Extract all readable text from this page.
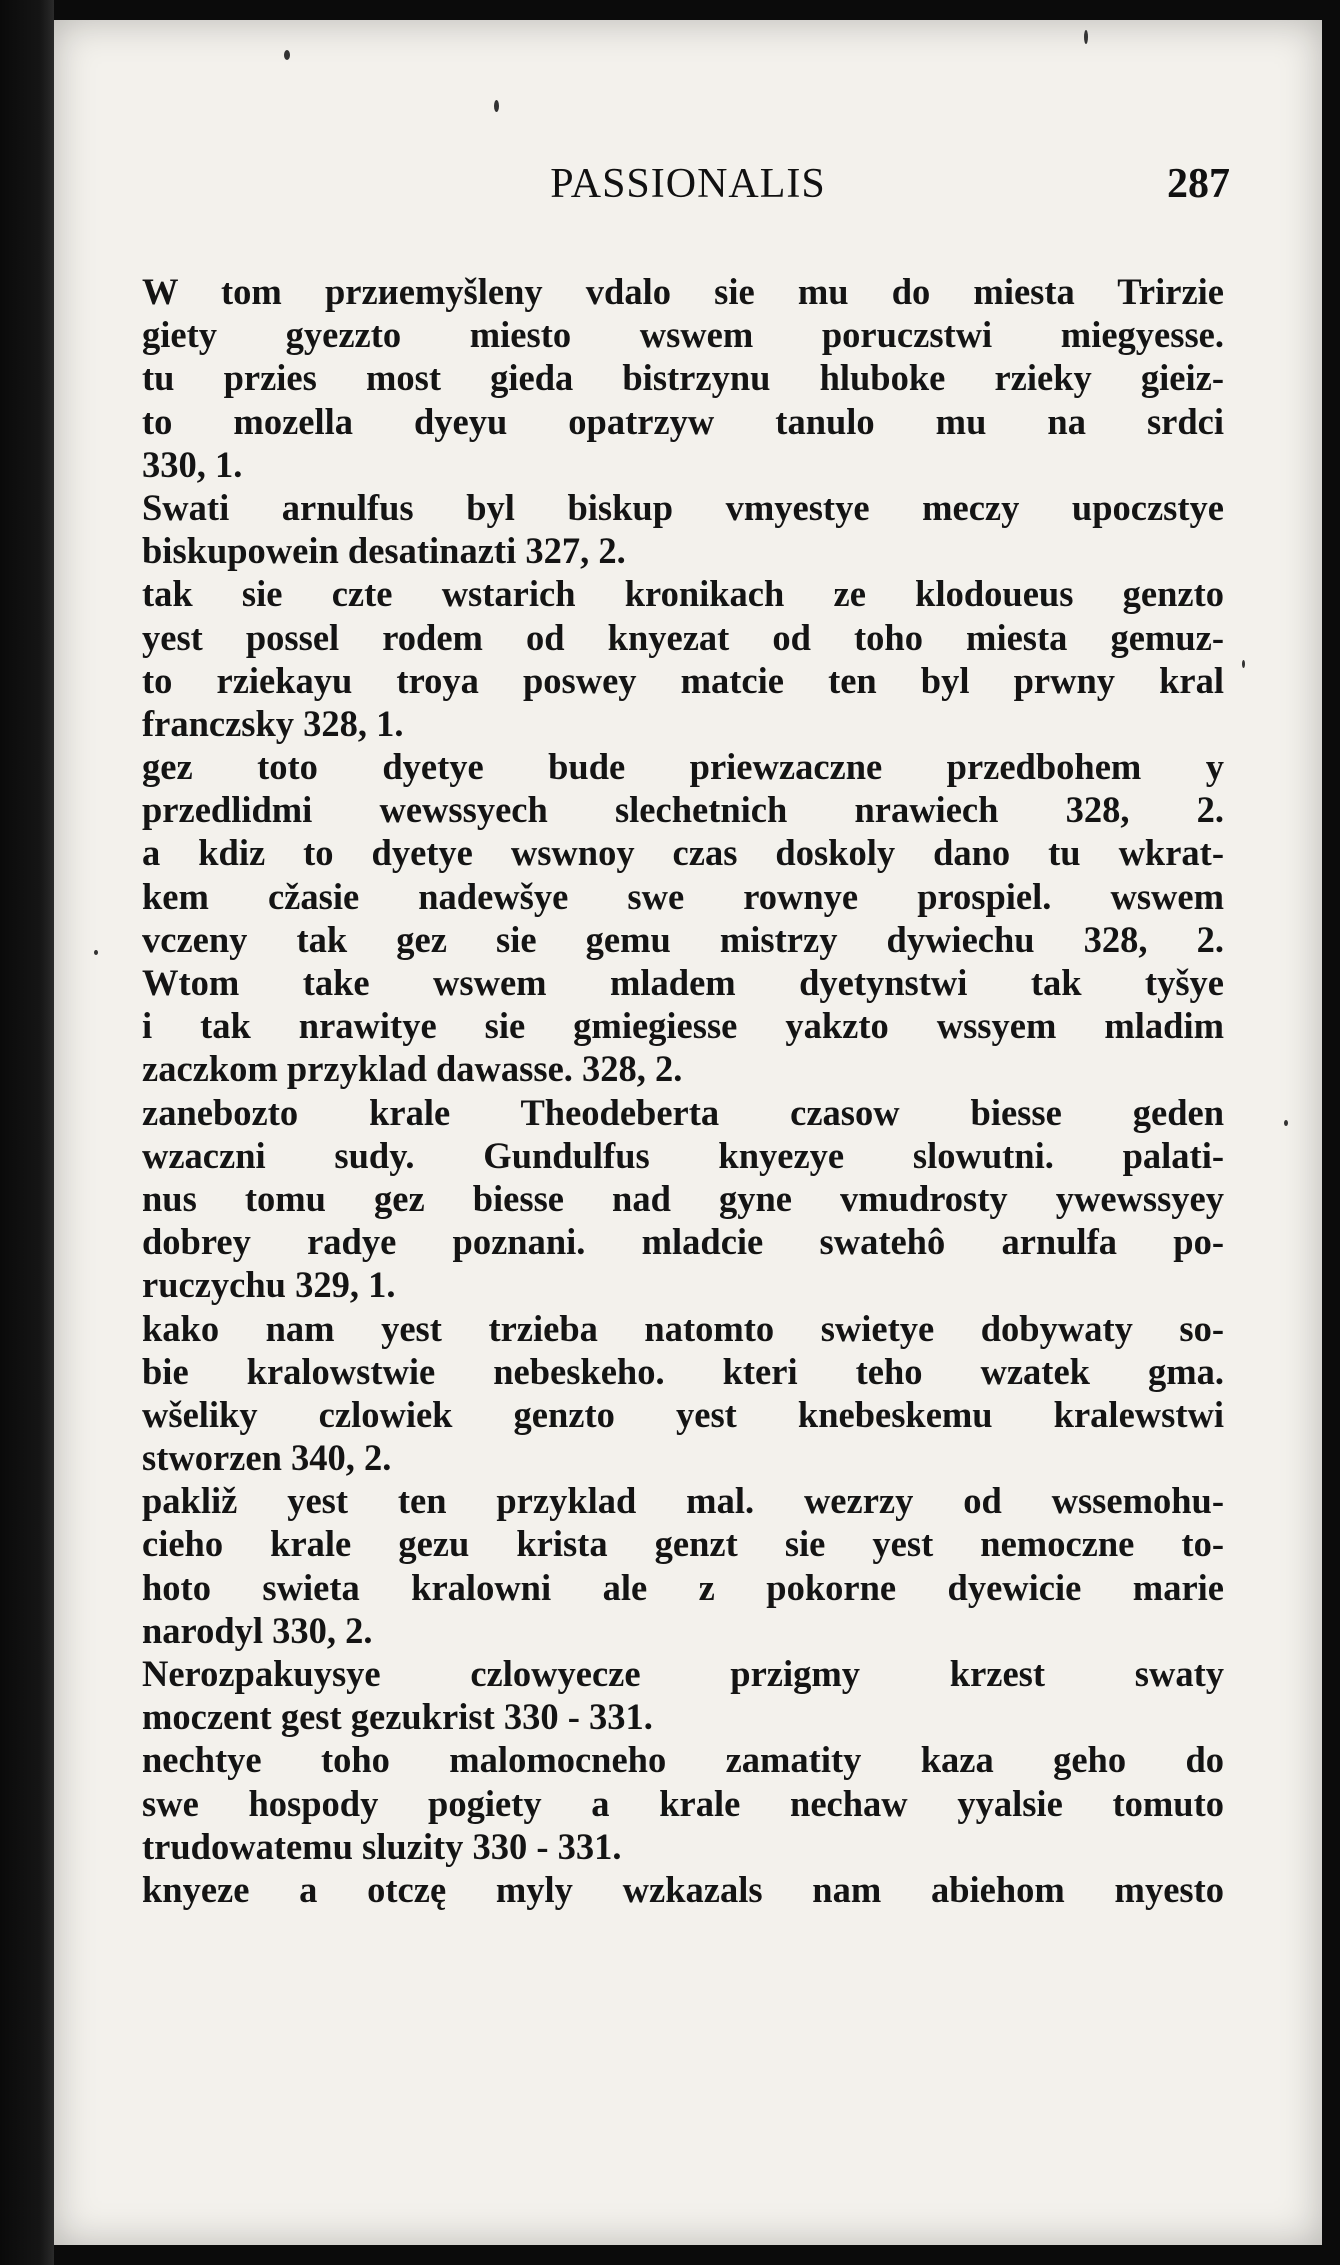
PASSIONALIS	287
W tom przиemyšleny vdalo sie mu do miesta Trirzie
giety gyezzto miesto wswem poruczstwi miegyesse.
tu przies most gieda bistrzynu hluboke rzieky gieiz-
to mozella dyeyu opatrzyw tanulo mu na srdci
330, 1.
Swati arnulfus byl biskup vmyestye meczy upoczstye
biskupowein desatinazti 327, 2.
tak sie czte wstarich kronikach ze klodoueus genzto
yest possel rodem od knyezat od toho miesta gemuz-
to rziekayu troya poswey matcie ten byl prwny kral
franczsky 328, 1.
gez toto dyetye bude priewzaczne przedbohem y
przedlidmi wewssyech slechetnich nrawiech 328, 2.
a kdiz to dyetye wswnoy czas doskoly dano tu wkrat-
kem cžasie nadewšye swe rownye prospiel. wswem
vczeny tak gez sie gemu mistrzy dywiechu 328, 2.
Wtom take wswem mladem dyetynstwi tak tyšye
i tak nrawitye sie gmiegiesse yakzto wssyem mladim
zaczkom przyklad dawasse. 328, 2.
zanebozto krale Theodeberta czasow biesse geden
wzaczni sudy. Gundulfus knyezye slowutni. palati-
nus tomu gez biesse nad gyne vmudrosty ywewssyey
dobrey radye poznani. mladcie swatehô arnulfa po-
ruczychu 329, 1.
kako nam yest trzieba natomto swietye dobywaty so-
bie kralowstwie nebeskeho. kteri teho wzatek gma.
wšeliky czlowiek genzto yest knebeskemu kralewstwi
stworzen 340, 2.
pakliž yest ten przyklad mal. wezrzy od wssemohu-
cieho krale gezu krista genzt sie yest nemoczne to-
hoto swieta kralowni ale z pokorne dyewicie marie
narodyl 330, 2.
Nerozpakuysye czlowyecze przigmy krzest swaty
moczent gest gezukrist 330 - 331.
nechtye toho malomocneho zamatity kaza geho do
swe hospody pogiety a krale nechaw yyalsie tomuto
trudowatemu sluzity 330 - 331.
knyeze a otczę myly wzkazals nam abiehom myesto
